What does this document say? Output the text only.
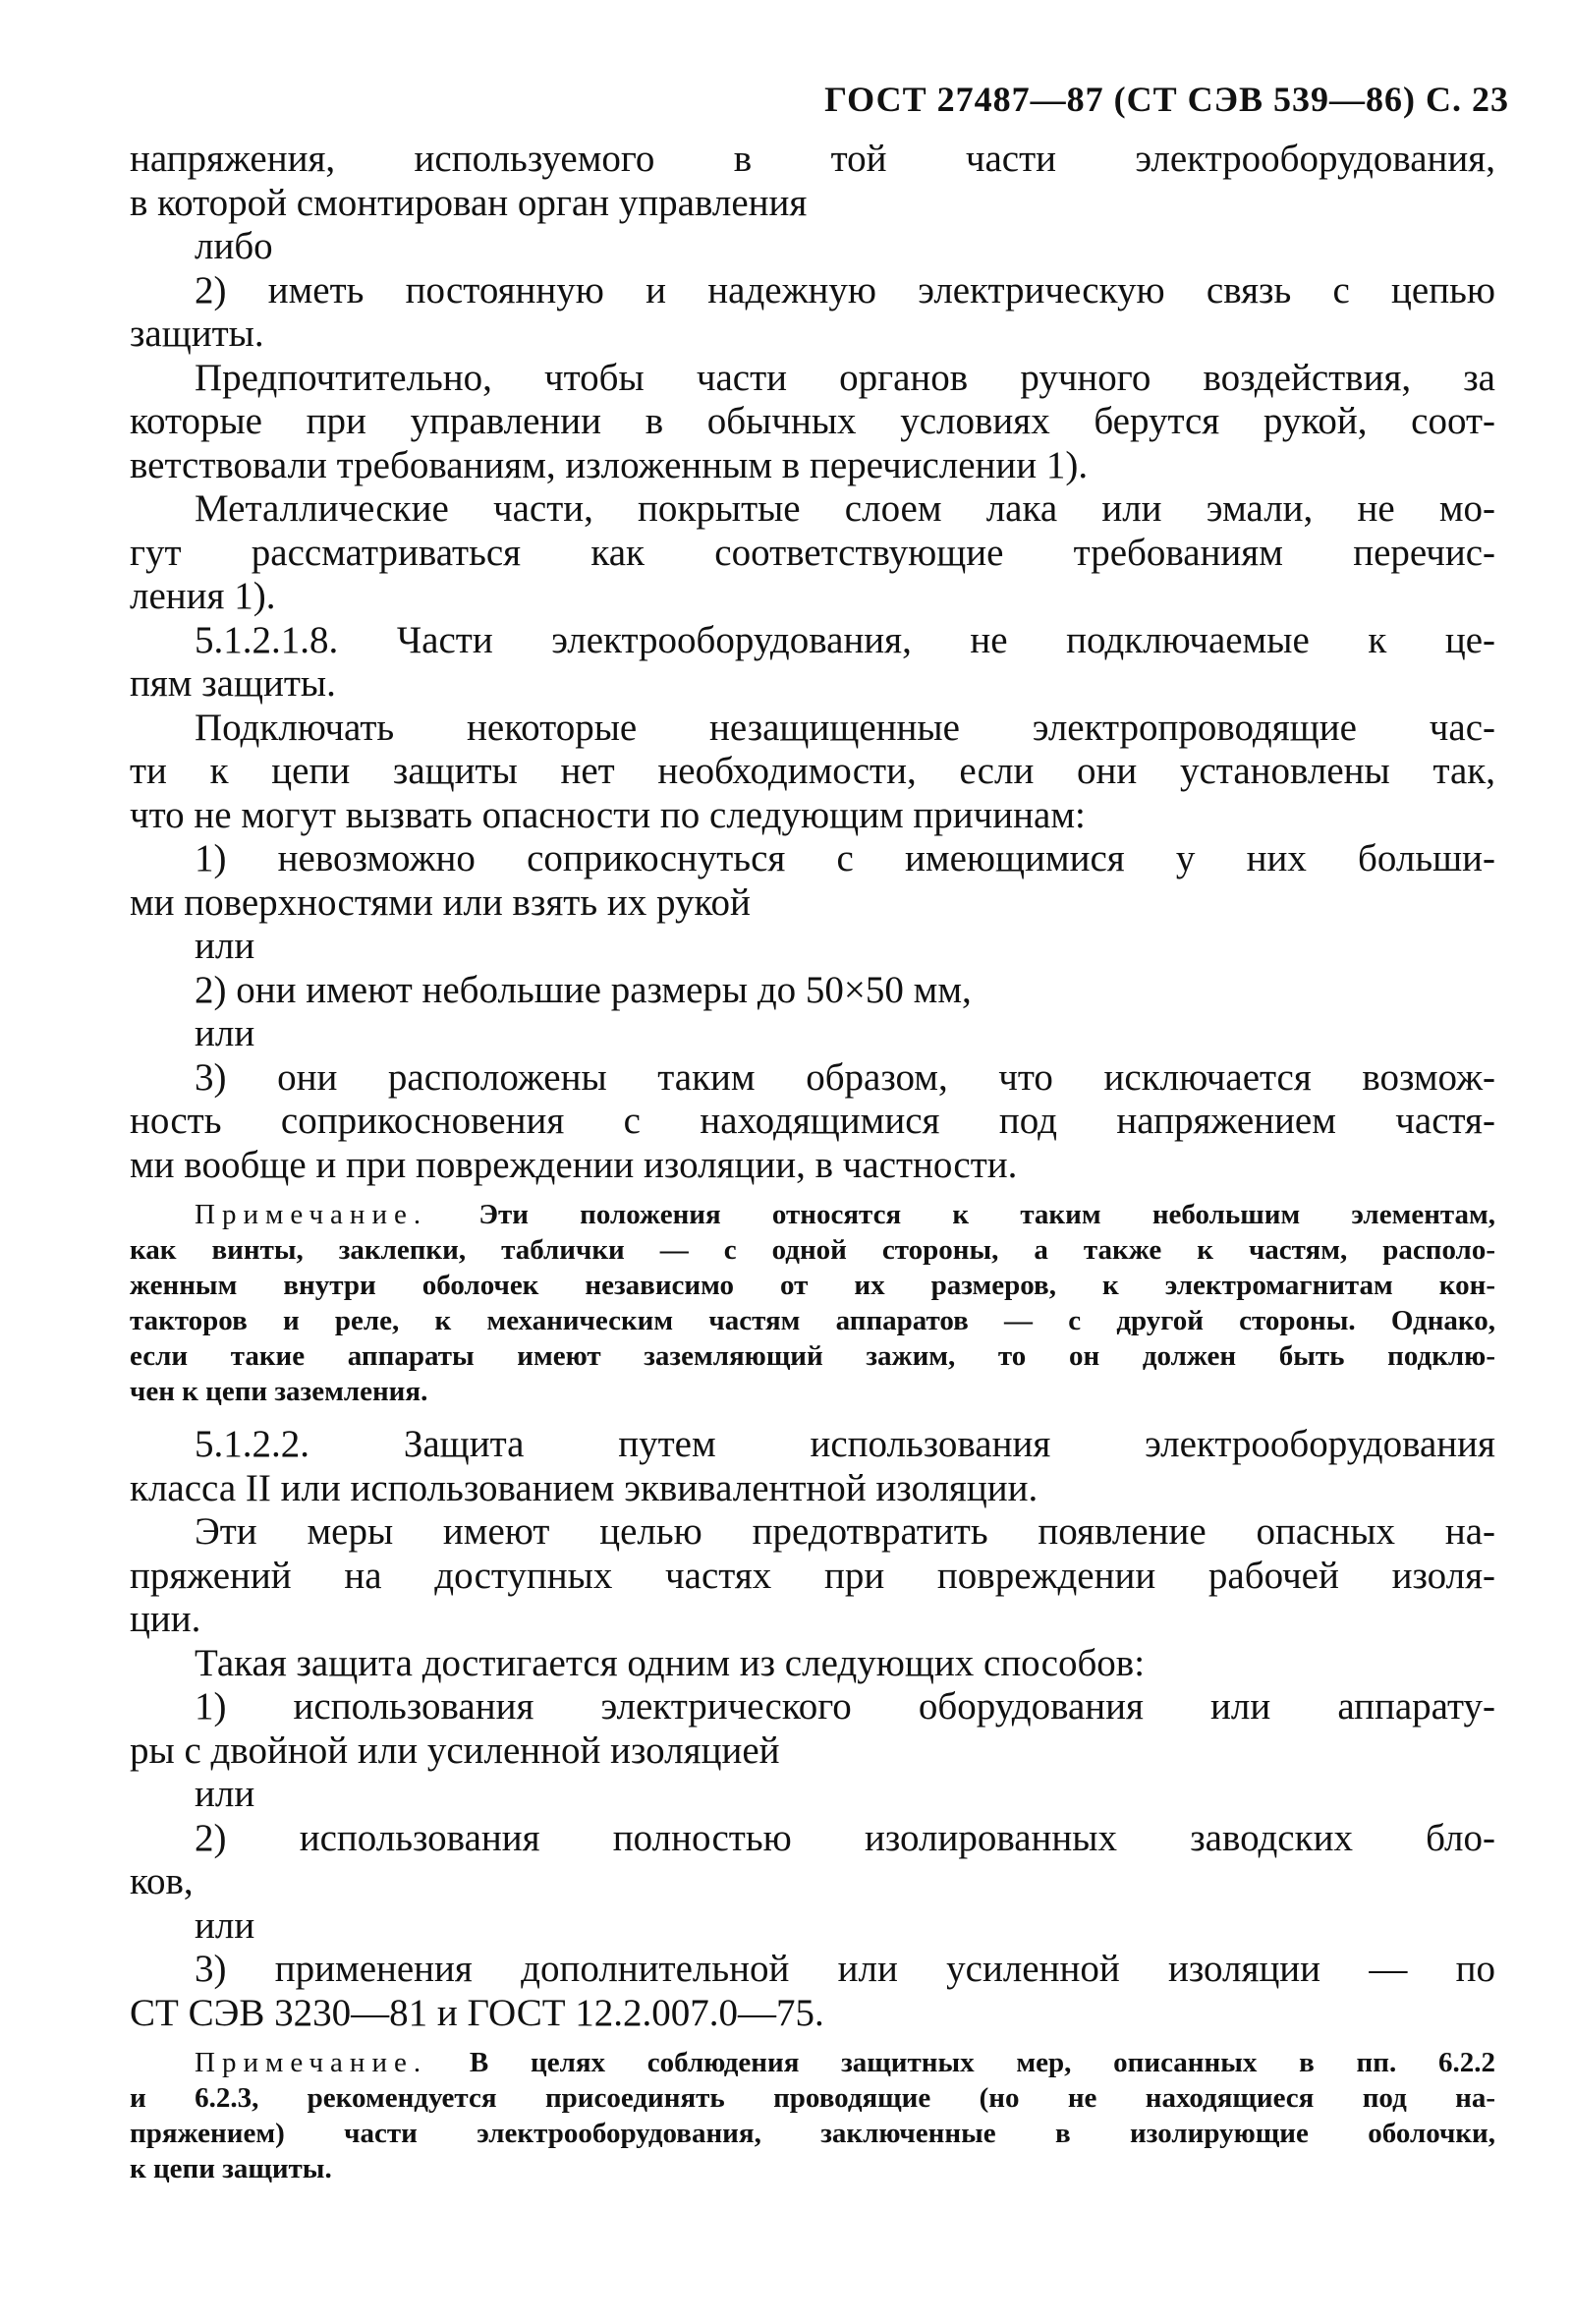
ГОСТ 27487—87 (СТ СЭВ 539—86) С. 23
напряжения, используемого в той части электрооборудования,
в которой смонтирован орган управления
либо
2) иметь постоянную и надежную электрическую связь с цепью
защиты.
Предпочтительно, чтобы части органов ручного воздействия, за
которые при управлении в обычных условиях берутся рукой, соот-
ветствовали требованиям, изложенным в перечислении 1).
Металлические части, покрытые слоем лака или эмали, не мо-
гут рассматриваться как соответствующие требованиям перечис-
ления 1).
5.1.2.1.8. Части электрооборудования, не подключаемые к це-
пям защиты.
Подключать некоторые незащищенные электропроводящие час-
ти к цепи защиты нет необходимости, если они установлены так,
что не могут вызвать опасности по следующим причинам:
1) невозможно соприкоснуться с имеющимися у них больши-
ми поверхностями или взять их рукой
или
2) они имеют небольшие размеры до 50×50 мм,
или
3) они расположены таким образом, что исключается возмож-
ность соприкосновения с находящимися под напряжением частя-
ми вообще и при повреждении изоляции, в частности.
Примечание. Эти положения относятся к таким небольшим элементам,
как винты, заклепки, таблички — с одной стороны, а также к частям, располо-
женным внутри оболочек независимо от их размеров, к электромагнитам кон-
такторов и реле, к механическим частям аппаратов — с другой стороны. Однако,
если такие аппараты имеют заземляющий зажим, то он должен быть подклю-
чен к цепи заземления.
5.1.2.2. Защита путем использования электрооборудования
класса II или использованием эквивалентной изоляции.
Эти меры имеют целью предотвратить появление опасных на-
пряжений на доступных частях при повреждении рабочей изоля-
ции.
Такая защита достигается одним из следующих способов:
1) использования электрического оборудования или аппарату-
ры с двойной или усиленной изоляцией
или
2) использования полностью изолированных заводских бло-
ков,
или
3) применения дополнительной или усиленной изоляции — по
СТ СЭВ 3230—81 и ГОСТ 12.2.007.0—75.
Примечание. В целях соблюдения защитных мер, описанных в пп. 6.2.2
и 6.2.3, рекомендуется присоединять проводящие (но не находящиеся под на-
пряжением) части электрооборудования, заключенные в изолирующие оболочки,
к цепи защиты.
